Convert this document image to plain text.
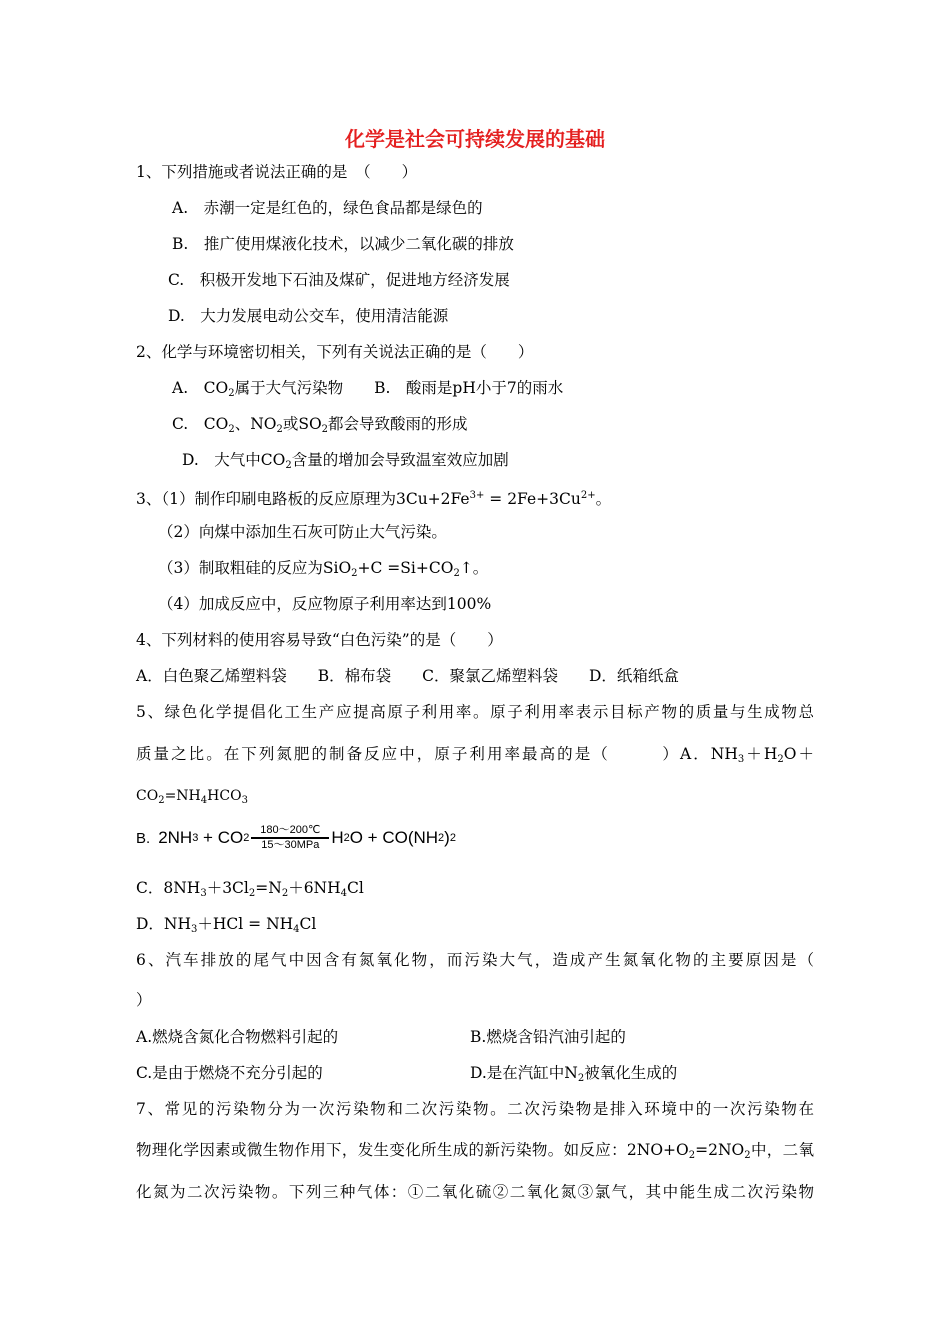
化学是社会可持续发展的基础
1、下列措施或者说法正确的是　（　　）
A.　赤潮一定是红色的，绿色食品都是绿色的
B.　推广使用煤液化技术，以减少二氧化碳的排放
C.　积极开发地下石油及煤矿，促进地方经济发展
D.　大力发展电动公交车，使用清洁能源
2、化学与环境密切相关，下列有关说法正确的是（　　）
A.　$CO_2$属于大气污染物　　B.　酸雨是pH小于7的雨水
C.　$CO_2$、$NO_2$或$SO_2$都会导致酸雨的形成
D.　大气中$CO_2$含量的增加会导致温室效应加剧
3、（1）制作印刷电路板的反应原理为$3Cu+2Fe^{3+} = 2Fe+3Cu^{2+}$。
（2）向煤中添加生石灰可防止大气污染。
（3）制取粗硅的反应为$SiO_2+C =Si+CO_2↑$。
（4）加成反应中，反应物原子利用率达到100%
4、下列材料的使用容易导致“白色污染”的是（　　）
A．白色聚乙烯塑料袋　　B．棉布袋　　C．聚氯乙烯塑料袋　　D．纸箱纸盒
5、绿色化学提倡化工生产应提高原子利用率。原子利用率表示目标产物的质量与生成物总
质量之比。在下列氮肥的制备反应中，原子利用率最高的是（　　　）A．$NH_3+H_2O+$
$CO_2=NH_4HCO_3$
B. 2NH 3 + CO $2 \frac{180\sim 200℃}{\text{15～30MPa}}$ H 2 O + CO(NH 2 ) 2
C．$8NH_3+3Cl_2=N_2+6NH_4Cl$
D．$NH_3+HCl = NH_4Cl$
6、汽车排放的尾气中因含有氮氧化物，而污染大气，造成产生氮氧化物的主要原因是（
）
A.燃烧含氮化合物燃料引起的	B.燃烧含铅汽油引起的
C.是由于燃烧不充分引起的	D.是在汽缸中$N_2$被氧化生成的
7、常见的污染物分为一次污染物和二次污染物。二次污染物是排入环境中的一次污染物在
物理化学因素或微生物作用下，发生变化所生成的新污染物。如反应：$2NO+O_2=2NO_2$中，二氧
化氮为二次污染物。下列三种气体：①二氧化硫②二氧化氮③氯气，其中能生成二次污染物
